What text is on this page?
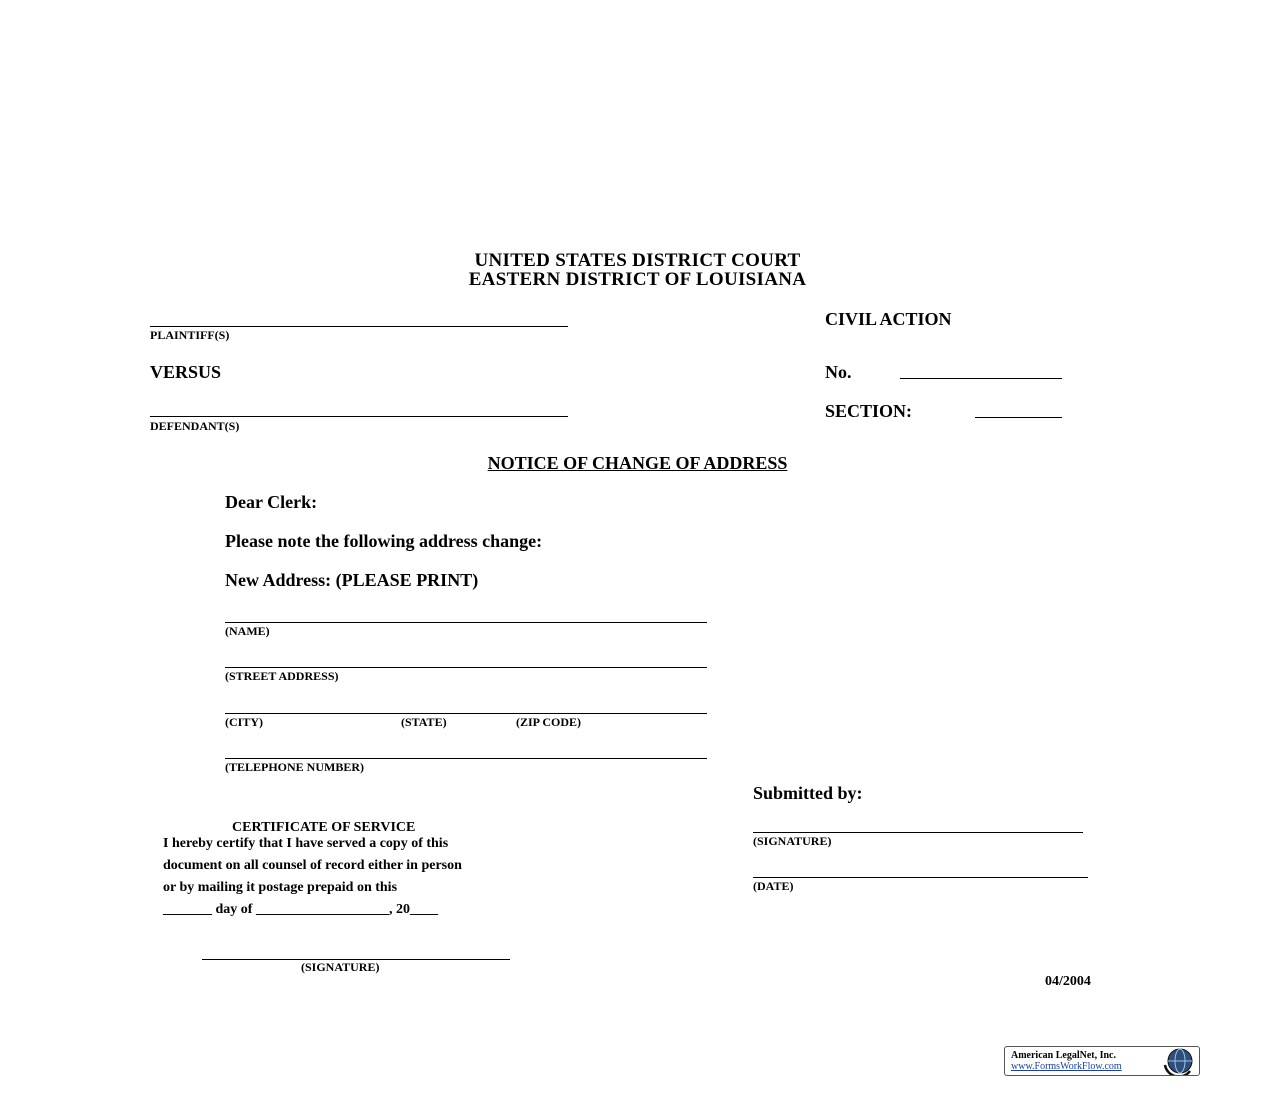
UNITED STATES DISTRICT COURT
EASTERN DISTRICT OF LOUISIANA
PLAINTIFF(S)
VERSUS
DEFENDANT(S)
CIVIL ACTION
No.
SECTION:
NOTICE OF CHANGE OF ADDRESS
Dear Clerk:
Please note the following address change:
New Address: (PLEASE PRINT)
(NAME)
(STREET ADDRESS)
(CITY)	(STATE)	(ZIP CODE)
(TELEPHONE NUMBER)
Submitted by:
(SIGNATURE)
(DATE)
CERTIFICATE OF SERVICE
I hereby certify that I have served a copy of this
document on all counsel of record either in person
or by mailing it postage prepaid on this
_______ day of ___________________, 20____
(SIGNATURE)
04/2004
American LegalNet, Inc.
www.FormsWorkFlow.com
